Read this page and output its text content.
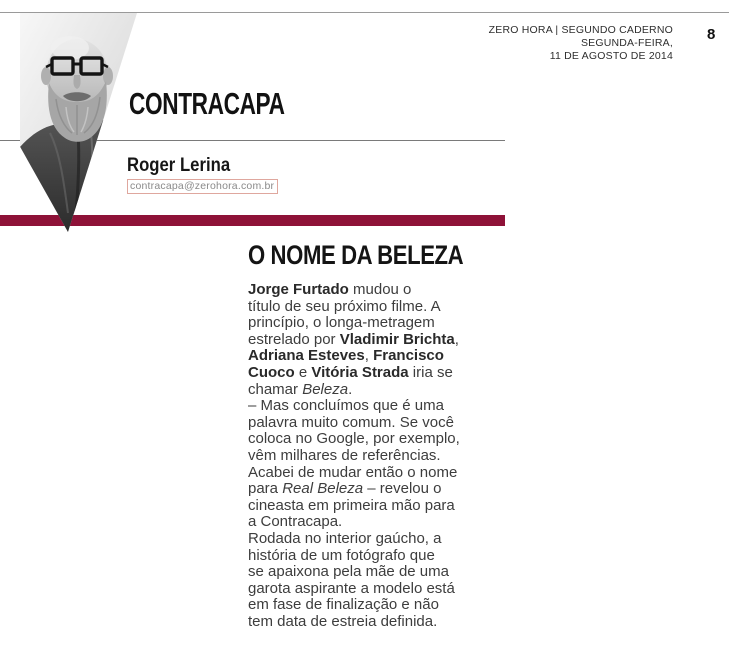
ZERO HORA | SEGUNDO CADERNO
SEGUNDA-FEIRA,
11 DE AGOSTO DE 2014
8
CONTRACAPA
Roger Lerina
contracapa@zerohora.com.br
O NOME DA BELEZA
Jorge Furtado mudou o
título de seu próximo filme. A
princípio, o longa-metragem
estrelado por Vladimir Brichta,
Adriana Esteves, Francisco
Cuoco e Vitória Strada iria se
chamar Beleza.
– Mas concluímos que é uma
palavra muito comum. Se você
coloca no Google, por exemplo,
vêm milhares de referências.
Acabei de mudar então o nome
para Real Beleza – revelou o
cineasta em primeira mão para
a Contracapa.
Rodada no interior gaúcho, a
história de um fotógrafo que
se apaixona pela mãe de uma
garota aspirante a modelo está
em fase de finalização e não
tem data de estreia definida.
